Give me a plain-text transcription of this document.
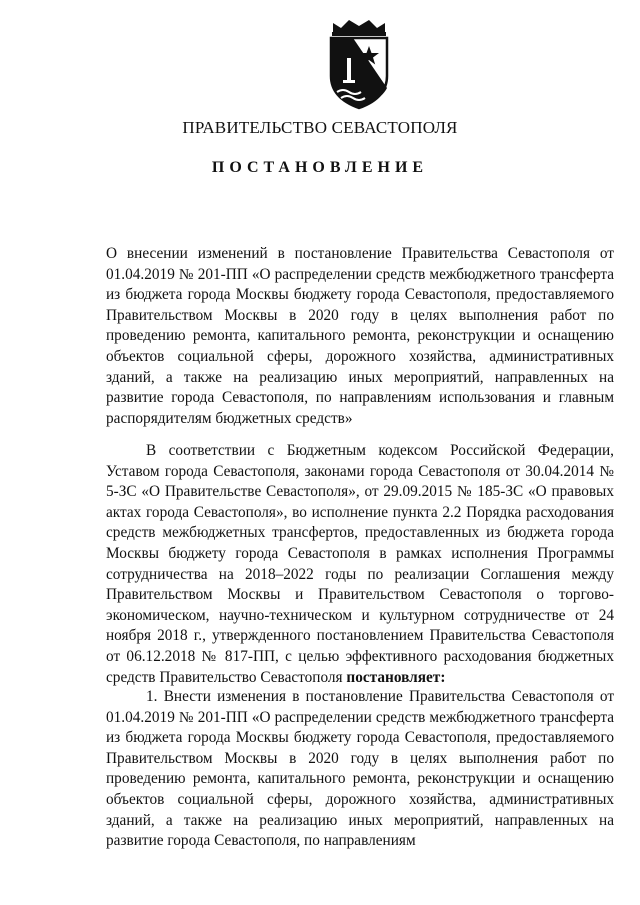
ПРАВИТЕЛЬСТВО СЕВАСТОПОЛЯ
ПОСТАНОВЛЕНИЕ

О внесении изменений в постановление Правительства Севастополя от 01.04.2019 № 201-ПП «О распределении средств межбюджетного трансферта из бюджета города Москвы бюджету города Севастополя, предоставляемого Правительством Москвы в 2020 году в целях выполнения работ по проведению ремонта, капитального ремонта, реконструкции и оснащению объектов социальной сферы, дорожного хозяйства, административных зданий, а также на реализацию иных мероприятий, направленных на развитие города Севастополя, по направлениям использования и главным распорядителям бюджетных средств»

В соответствии с Бюджетным кодексом Российской Федерации, Уставом города Севастополя, законами города Севастополя от 30.04.2014 № 5-ЗС «О Правительстве Севастополя», от 29.09.2015 № 185-ЗС «О правовых актах города Севастополя», во исполнение пункта 2.2 Порядка расходования средств межбюджетных трансфертов, предоставленных из бюджета города Москвы бюджету города Севастополя в рамках исполнения Программы сотрудничества на 2018–2022 годы по реализации Соглашения между Правительством Москвы и Правительством Севастополя о торгово-экономическом, научно-техническом и культурном сотрудничестве от 24 ноября 2018 г., утвержденного постановлением Правительства Севастополя от 06.12.2018 № 817-ПП, с целью эффективного расходования бюджетных средств Правительство Севастополя постановляет:

1. Внести изменения в постановление Правительства Севастополя от 01.04.2019 № 201-ПП «О распределении средств межбюджетного трансферта из бюджета города Москвы бюджету города Севастополя, предоставляемого Правительством Москвы в 2020 году в целях выполнения работ по проведению ремонта, капитального ремонта, реконструкции и оснащению объектов социальной сферы, дорожного хозяйства, административных зданий, а также на реализацию иных мероприятий, направленных на развитие города Севастополя, по направлениям
